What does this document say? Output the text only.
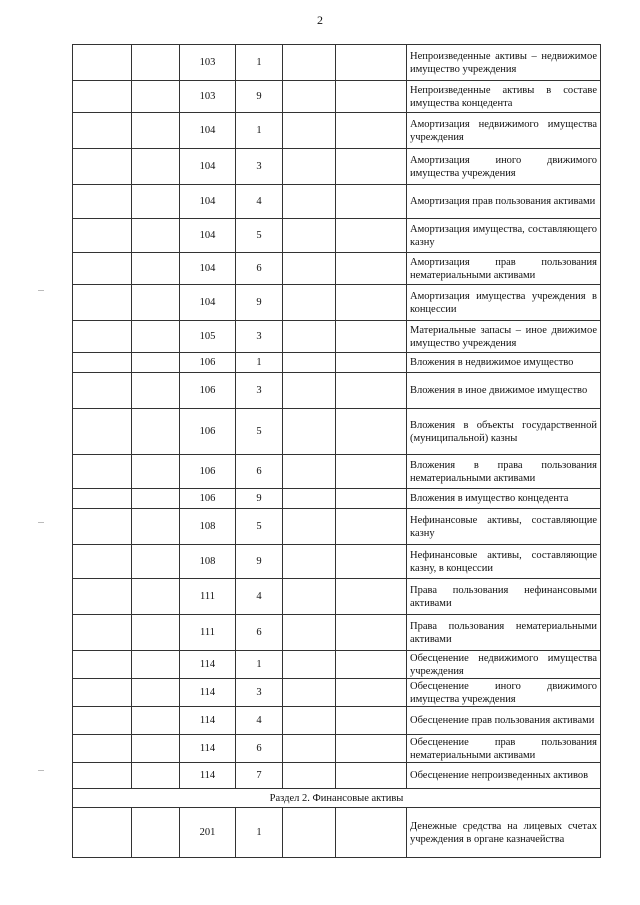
2
		103	1			Непроизведенные активы – недвижимое имущество учреждения
		103	9			Непроизведенные активы в составе имущества концедента
		104	1			Амортизация недвижимого имущества учреждения
		104	3			Амортизация иного движимого имущества учреждения
		104	4			Амортизация прав пользования активами
		104	5			Амортизация имущества, составляющего казну
		104	6			Амортизация прав пользования нематериальными активами
		104	9			Амортизация имущества учреждения в концессии
		105	3			Материальные запасы – иное движимое имущество учреждения
		106	1			Вложения в недвижимое имущество
		106	3			Вложения в иное движимое имущество
		106	5			Вложения в объекты государственной (муниципальной) казны
		106	6			Вложения в права пользования нематериальными активами
		106	9			Вложения в имущество концедента
		108	5			Нефинансовые активы, составляющие казну
		108	9			Нефинансовые активы, составляющие казну, в концессии
		111	4			Права пользования нефинансовыми активами
		111	6			Права пользования нематериальными активами
		114	1			Обесценение недвижимого имущества учреждения
		114	3			Обесценение иного движимого имущества учреждения
		114	4			Обесценение прав пользования активами
		114	6			Обесценение прав пользования нематериальными активами
		114	7			Обесценение непроизведенных активов
Раздел 2. Финансовые активы						
		201	1			Денежные средства на лицевых счетах учреждения в органе казначейства
